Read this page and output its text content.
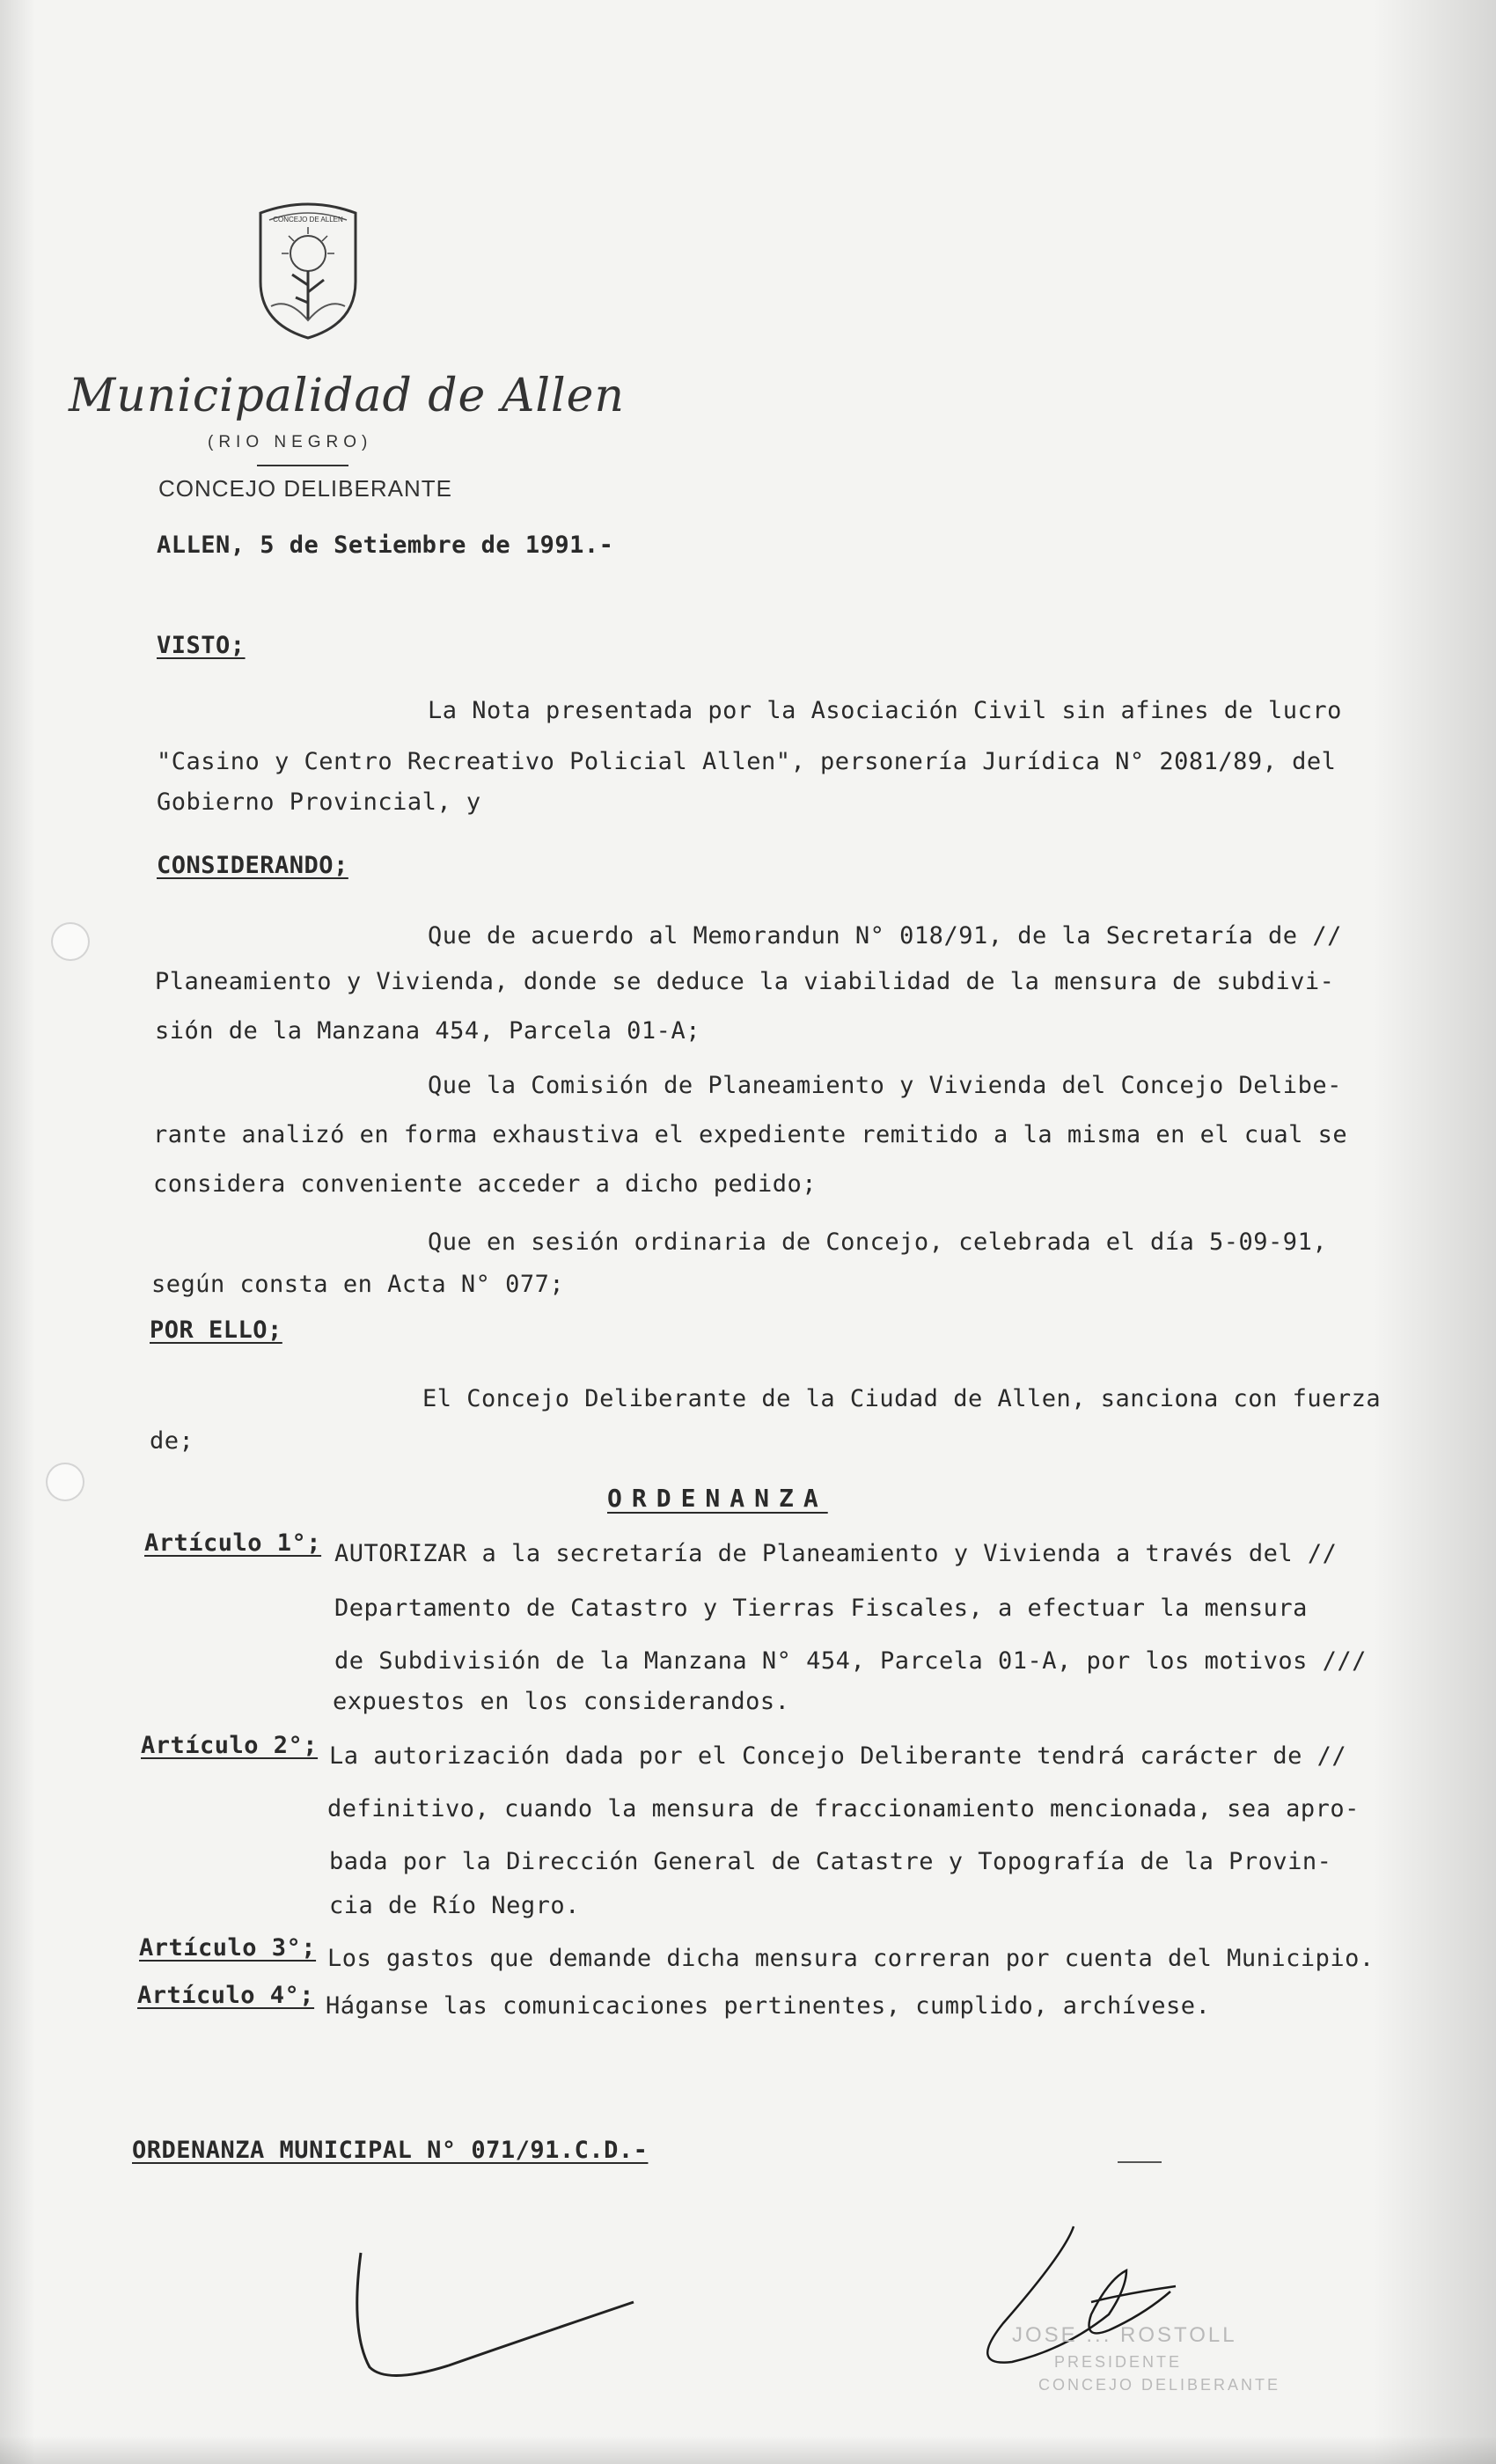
CONCEJO DE ALLEN
Municipalidad de Allen
(RIO NEGRO)
CONCEJO DELIBERANTE
ALLEN, 5 de Setiembre de 1991.-
VISTO;
La Nota presentada por la Asociación Civil sin afines de lucro
"Casino y Centro Recreativo Policial Allen", personería Jurídica N° 2081/89, del
Gobierno Provincial, y
CONSIDERANDO;
Que de acuerdo al Memorandun N° 018/91, de la Secretaría de //
Planeamiento y Vivienda, donde se deduce la viabilidad de la mensura de subdivi-
sión de la Manzana 454, Parcela 01-A;
Que la Comisión de Planeamiento y Vivienda del Concejo Delibe-
rante analizó en forma exhaustiva el expediente remitido a la misma en el cual se
considera conveniente acceder a dicho pedido;
Que en sesión ordinaria de Concejo, celebrada el día 5-09-91,
según consta en Acta N° 077;
POR ELLO;
El Concejo Deliberante de la Ciudad de Allen, sanciona con fuerza
de;
ORDENANZA
Artículo 1°; AUTORIZAR a la secretaría de Planeamiento y Vivienda a través del //
Departamento de Catastro y Tierras Fiscales, a efectuar la mensura
de Subdivisión de la Manzana N° 454, Parcela 01-A, por los motivos ///
expuestos en los considerandos.
Artículo 2°; La autorización dada por el Concejo Deliberante tendrá carácter de //
definitivo, cuando la mensura de fraccionamiento mencionada, sea apro-
bada por la Dirección General de Catastre y Topografía de la Provin-
cia de Río Negro.
Artículo 3°; Los gastos que demande dicha mensura correran por cuenta del Municipio.
Artículo 4°; Háganse las comunicaciones pertinentes, cumplido, archívese.
ORDENANZA MUNICIPAL N° 071/91.C.D.-
JOSE ... ROSTOLL
PRESIDENTE
CONCEJO DELIBERANTE
